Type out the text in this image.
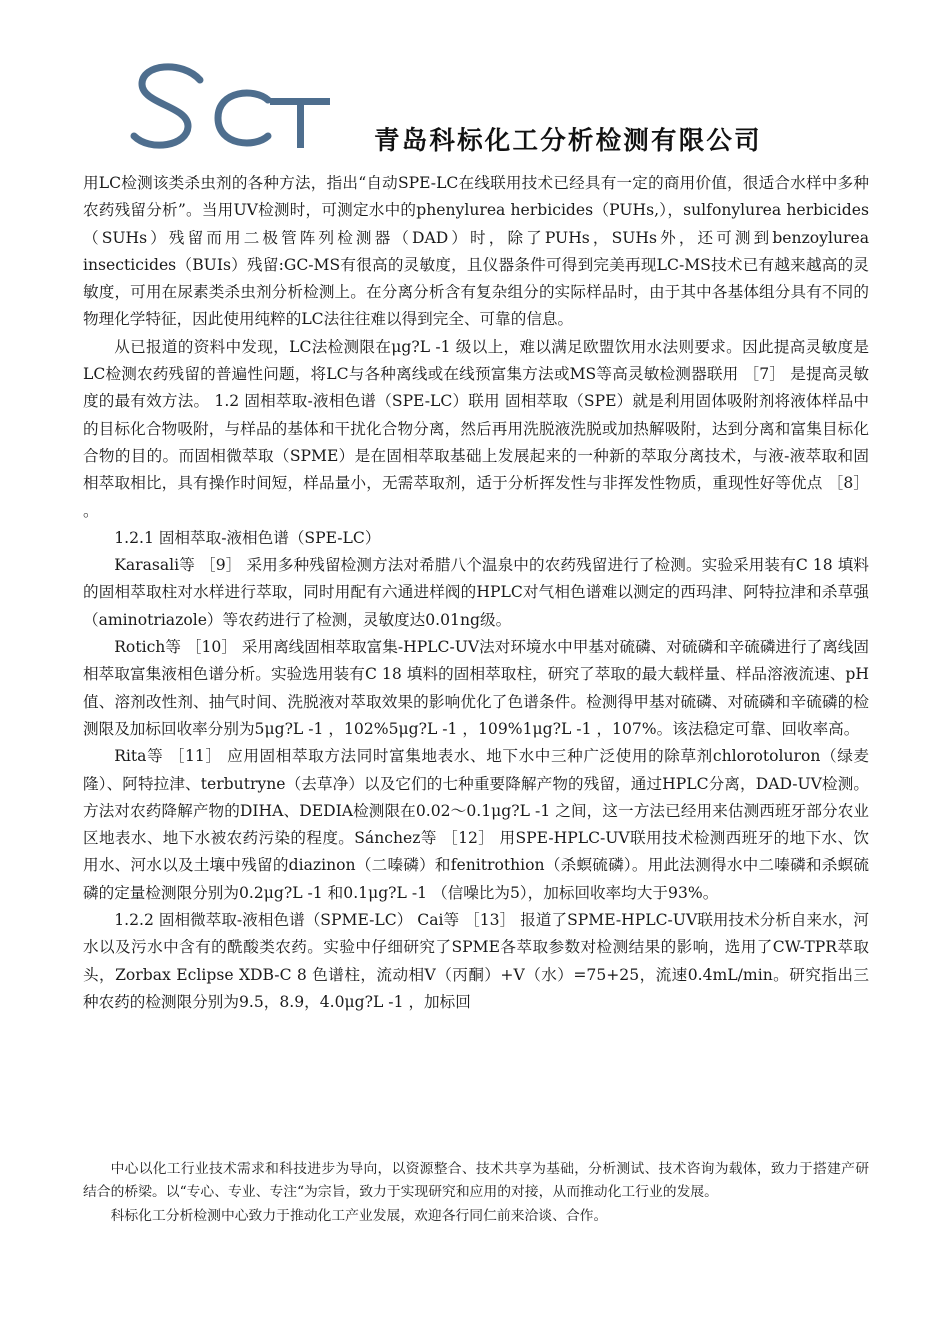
青岛科标化工分析检测有限公司

用LC检测该类杀虫剂的各种方法，指出“自动SPE-LC在线联用技术已经具有一定的商用价值，很适合水样中多种农药残留分析”。当用UV检测时，可测定水中的phenylurea herbicides（PUHs,），sulfonylurea herbicides（SUHs）残留而用二极管阵列检测器（DAD）时，除了PUHs，SUHs外，还可测到benzoylurea insecticides（BUIs）残留:GC-MS有很高的灵敏度，且仪器条件可得到完美再现LC-MS技术已有越来越高的灵敏度，可用在尿素类杀虫剂分析检测上。在分离分析含有复杂组分的实际样品时，由于其中各基体组分具有不同的物理化学特征，因此使用纯粹的LC法往往难以得到完全、可靠的信息。

从已报道的资料中发现，LC法检测限在μg?L -1 级以上，难以满足欧盟饮用水法则要求。因此提高灵敏度是LC检测农药残留的普遍性问题，将LC与各种离线或在线预富集方法或MS等高灵敏检测器联用 ［7］ 是提高灵敏度的最有效方法。 1.2 固相萃取-液相色谱（SPE-LC）联用 固相萃取（SPE）就是利用固体吸附剂将液体样品中的目标化合物吸附，与样品的基体和干扰化合物分离，然后再用洗脱液洗脱或加热解吸附，达到分离和富集目标化合物的目的。而固相微萃取（SPME）是在固相萃取基础上发展起来的一种新的萃取分离技术，与液-液萃取和固相萃取相比，具有操作时间短，样品量小，无需萃取剂，适于分析挥发性与非挥发性物质，重现性好等优点 ［8］ 。

1.2.1 固相萃取-液相色谱（SPE-LC）

Karasali等 ［9］ 采用多种残留检测方法对希腊八个温泉中的农药残留进行了检测。实验采用装有C 18 填料的固相萃取柱对水样进行萃取，同时用配有六通进样阀的HPLC对气相色谱难以测定的西玛津、阿特拉津和杀草强（aminotriazole）等农药进行了检测，灵敏度达0.01ng级。

Rotich等 ［10］ 采用离线固相萃取富集-HPLC-UV法对环境水中甲基对硫磷、对硫磷和辛硫磷进行了离线固相萃取富集液相色谱分析。实验选用装有C 18 填料的固相萃取柱，研究了萃取的最大载样量、样品溶液流速、pH值、溶剂改性剂、抽气时间、洗脱液对萃取效果的影响优化了色谱条件。检测得甲基对硫磷、对硫磷和辛硫磷的检测限及加标回收率分别为5μg?L -1 ，102%5μg?L -1 ，109%1μg?L -1 ，107%。该法稳定可靠、回收率高。

Rita等 ［11］ 应用固相萃取方法同时富集地表水、地下水中三种广泛使用的除草剂chlorotoluron（绿麦隆）、阿特拉津、terbutryne（去草净）以及它们的七种重要降解产物的残留，通过HPLC分离，DAD-UV检测。方法对农药降解产物的DIHA、DEDIA检测限在0.02～0.1μg?L -1 之间，这一方法已经用来估测西班牙部分农业区地表水、地下水被农药污染的程度。Sánchez等 ［12］ 用SPE-HPLC-UV联用技术检测西班牙的地下水、饮用水、河水以及土壤中残留的diazinon（二嗪磷）和fenitrothion（杀螟硫磷）。用此法测得水中二嗪磷和杀螟硫磷的定量检测限分别为0.2μg?L -1 和0.1μg?L -1 （信噪比为5），加标回收率均大于93%。

1.2.2 固相微萃取-液相色谱（SPME-LC） Cai等 ［13］ 报道了SPME-HPLC-UV联用技术分析自来水，河水以及污水中含有的酰酸类农药。实验中仔细研究了SPME各萃取参数对检测结果的影响，选用了CW-TPR萃取头，Zorbax Eclipse XDB-C 8 色谱柱，流动相V（丙酮）+V（水）=75+25，流速0.4mL/min。研究指出三种农药的检测限分别为9.5，8.9，4.0μg?L -1 ，加标回

中心以化工行业技术需求和科技进步为导向，以资源整合、技术共享为基础，分析测试、技术咨询为载体，致力于搭建产研结合的桥梁。以“专心、专业、专注“为宗旨，致力于实现研究和应用的对接，从而推动化工行业的发展。

科标化工分析检测中心致力于推动化工产业发展，欢迎各行同仁前来洽谈、合作。
